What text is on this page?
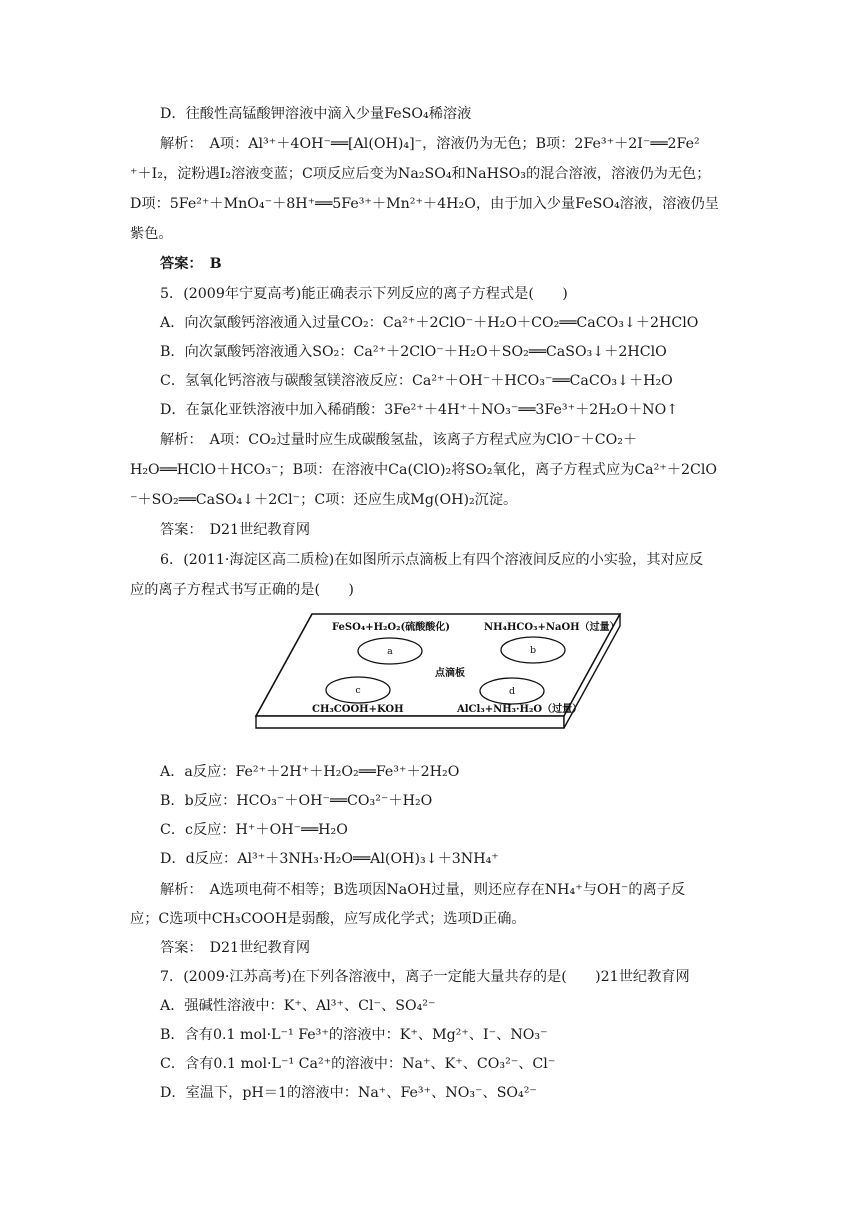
D．往酸性高锰酸钾溶液中滴入少量FeSO₄稀溶液
解析：　A项：Al³⁺＋4OH⁻══[Al(OH)₄]⁻，溶液仍为无色；B项：2Fe³⁺＋2I⁻══2Fe²
⁺＋I₂，淀粉遇I₂溶液变蓝；C项反应后变为Na₂SO₄和NaHSO₃的混合溶液，溶液仍为无色；
D项：5Fe²⁺＋MnO₄⁻＋8H⁺══5Fe³⁺＋Mn²⁺＋4H₂O，由于加入少量FeSO₄溶液，溶液仍呈
紫色。
答案：　B
5．(2009年宁夏高考)能正确表示下列反应的离子方程式是(　　)
A．向次氯酸钙溶液通入过量CO₂：Ca²⁺＋2ClO⁻＋H₂O＋CO₂══CaCO₃↓＋2HClO
B．向次氯酸钙溶液通入SO₂：Ca²⁺＋2ClO⁻＋H₂O＋SO₂══CaSO₃↓＋2HClO
C．氢氧化钙溶液与碳酸氢镁溶液反应：Ca²⁺＋OH⁻＋HCO₃⁻══CaCO₃↓＋H₂O
D．在氯化亚铁溶液中加入稀硝酸：3Fe²⁺＋4H⁺＋NO₃⁻══3Fe³⁺＋2H₂O＋NO↑
解析：　A项：CO₂过量时应生成碳酸氢盐，该离子方程式应为ClO⁻＋CO₂＋
H₂O══HClO＋HCO₃⁻；B项：在溶液中Ca(ClO)₂将SO₂氧化，离子方程式应为Ca²⁺＋2ClO
⁻＋SO₂══CaSO₄↓＋2Cl⁻；C项：还应生成Mg(OH)₂沉淀。
答案：　D21世纪教育网
6．(2011·海淀区高二质检)在如图所示点滴板上有四个溶液间反应的小实验，其对应反
应的离子方程式书写正确的是(　　)
a	b
c	d
FeSO₄+H₂O₂(硫酸酸化)	NH₄HCO₃+NaOH（过量）
CH₃COOH+KOH	AlCl₃+NH₃·H₂O（过量）
点滴板
A．a反应：Fe²⁺＋2H⁺＋H₂O₂══Fe³⁺＋2H₂O
B．b反应：HCO₃⁻＋OH⁻══CO₃²⁻＋H₂O
C．c反应：H⁺＋OH⁻══H₂O
D．d反应：Al³⁺＋3NH₃·H₂O══Al(OH)₃↓＋3NH₄⁺
解析：　A选项电荷不相等；B选项因NaOH过量，则还应存在NH₄⁺与OH⁻的离子反
应；C选项中CH₃COOH是弱酸，应写成化学式；选项D正确。
答案：　D21世纪教育网
7．(2009·江苏高考)在下列各溶液中，离子一定能大量共存的是(　　)21世纪教育网
A．强碱性溶液中：K⁺、Al³⁺、Cl⁻、SO₄²⁻
B．含有0.1 mol·L⁻¹ Fe³⁺的溶液中：K⁺、Mg²⁺、I⁻、NO₃⁻
C．含有0.1 mol·L⁻¹ Ca²⁺的溶液中：Na⁺、K⁺、CO₃²⁻、Cl⁻
D．室温下，pH＝1的溶液中：Na⁺、Fe³⁺、NO₃⁻、SO₄²⁻
